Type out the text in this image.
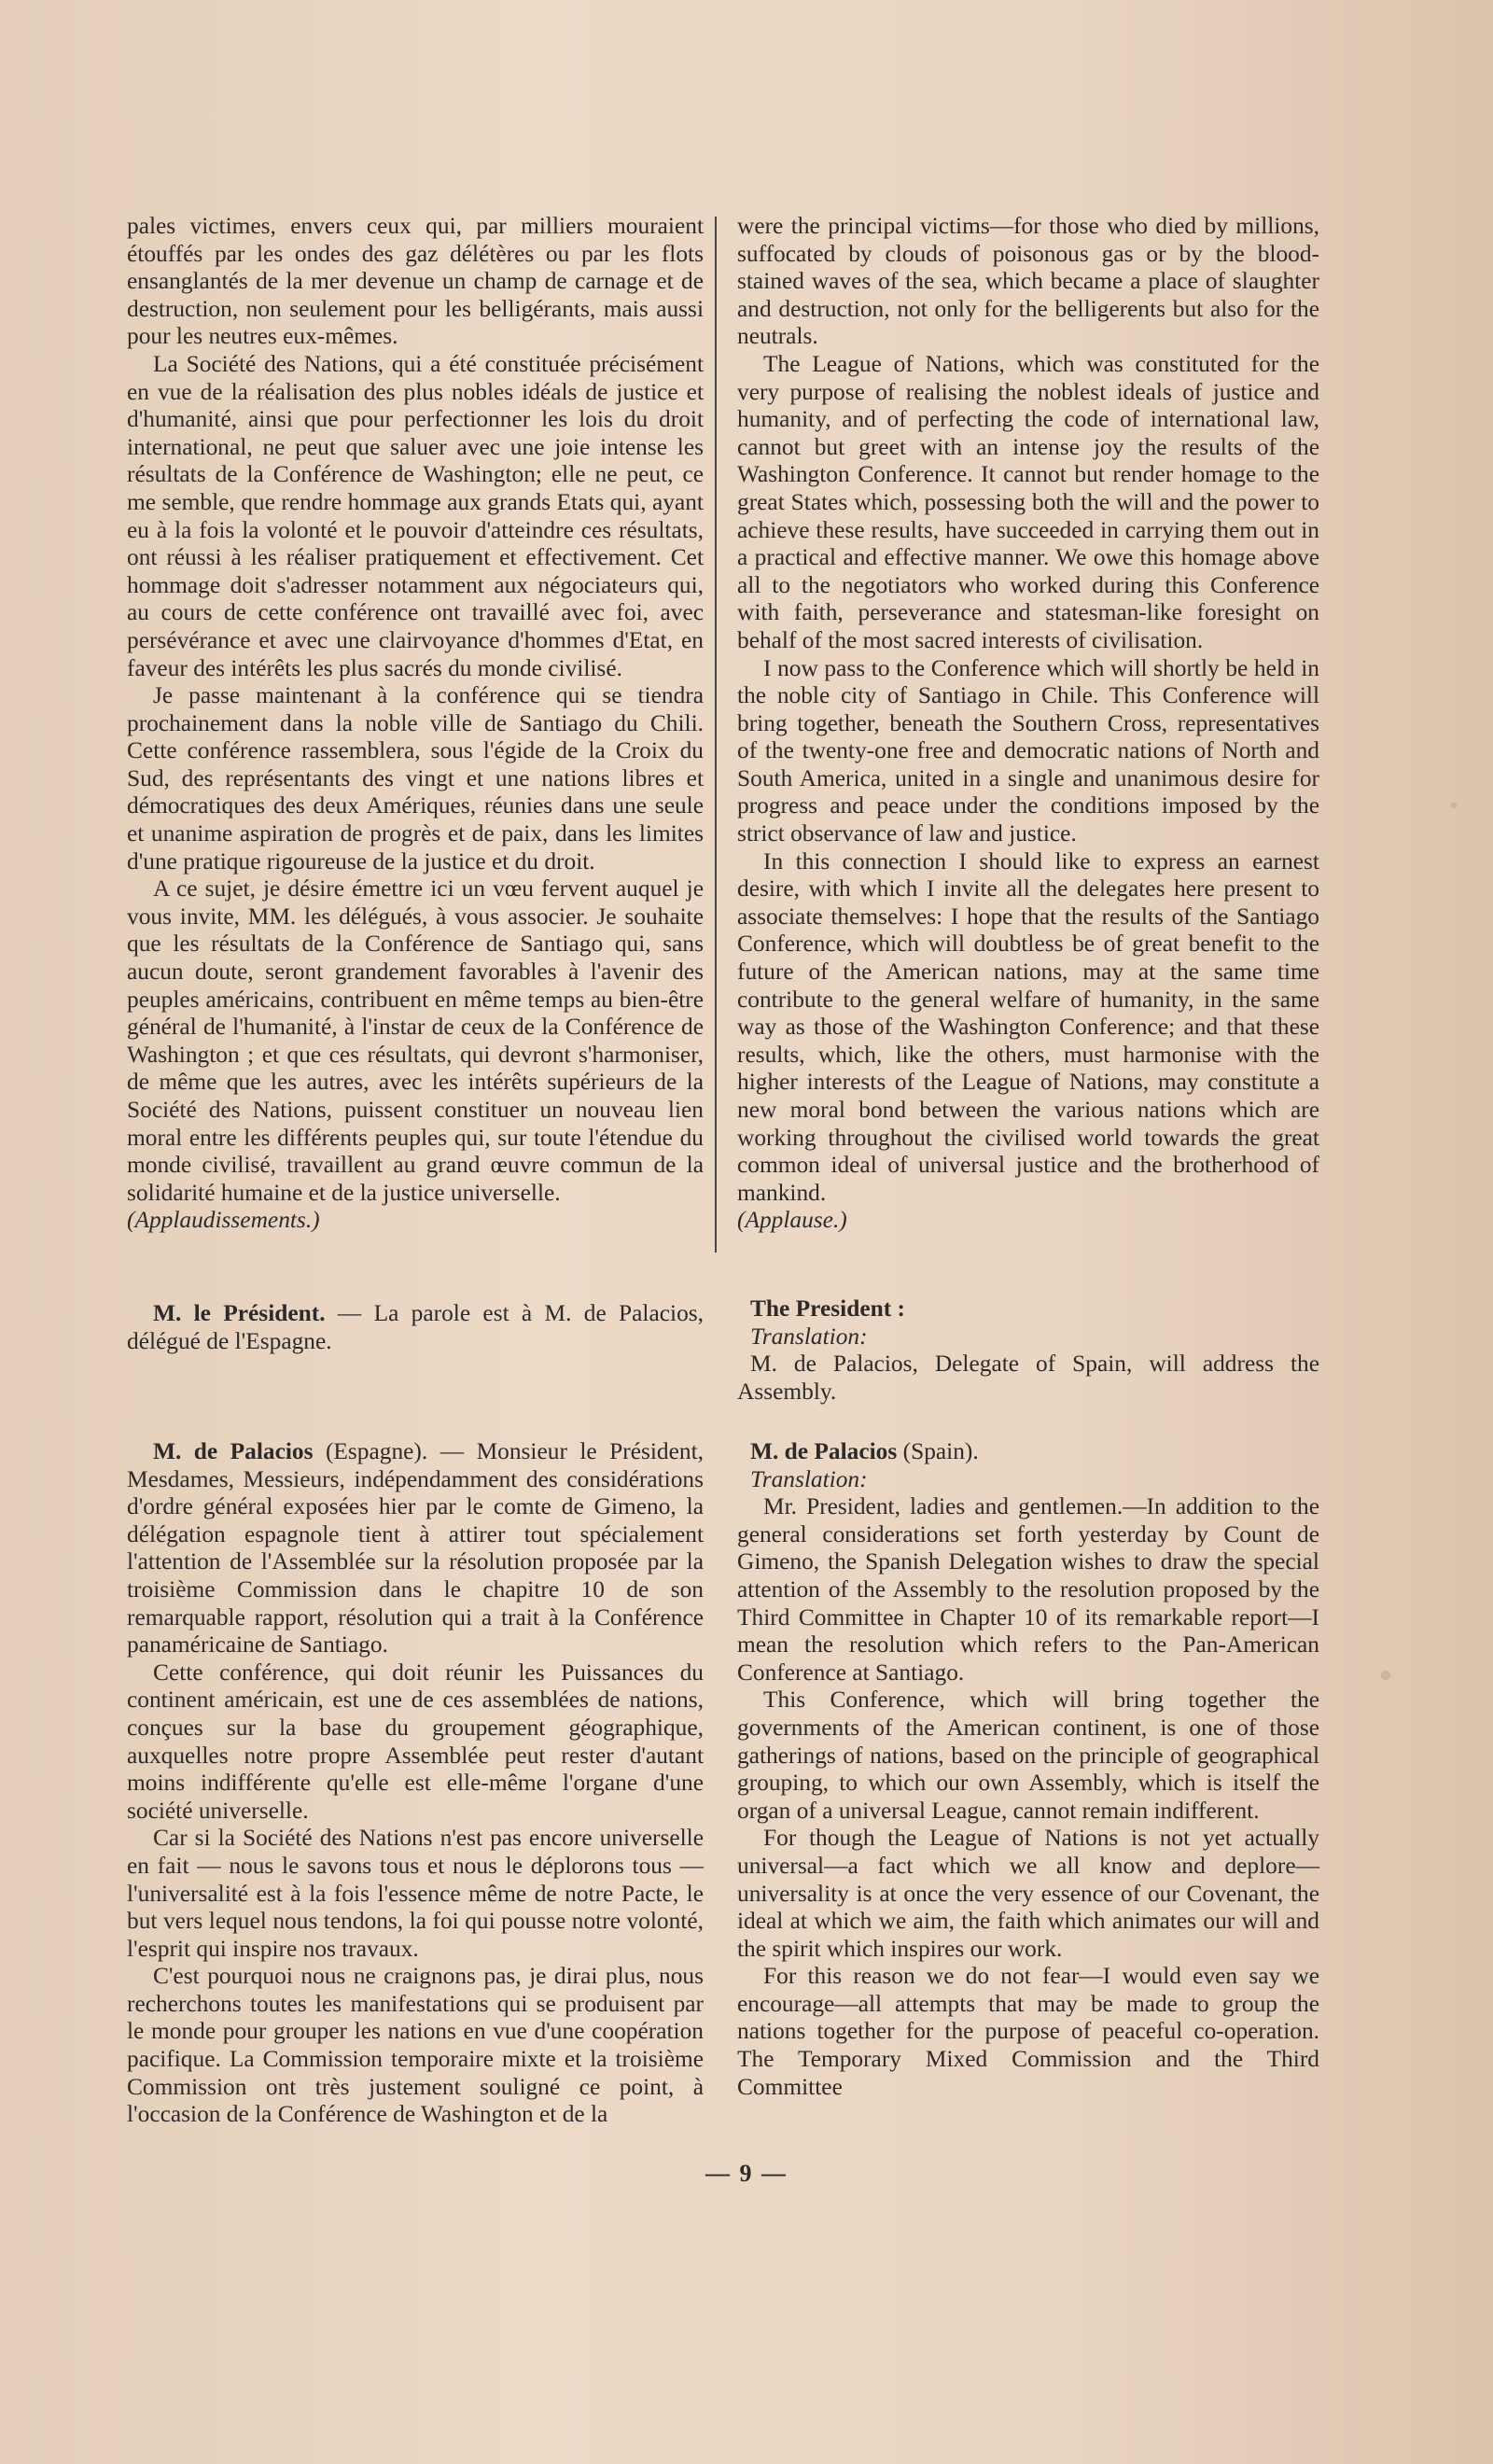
pales victimes, envers ceux qui, par milliers mouraient étouffés par les ondes des gaz délétères ou par les flots ensanglantés de la mer devenue un champ de carnage et de destruction, non seulement pour les belligérants, mais aussi pour les neutres eux-mêmes.

La Société des Nations, qui a été constituée précisément en vue de la réalisation des plus nobles idéals de justice et d'humanité, ainsi que pour perfectionner les lois du droit international, ne peut que saluer avec une joie intense les résultats de la Conférence de Washington; elle ne peut, ce me semble, que rendre hommage aux grands Etats qui, ayant eu à la fois la volonté et le pouvoir d'atteindre ces résultats, ont réussi à les réaliser pratiquement et effectivement. Cet hommage doit s'adresser notamment aux négociateurs qui, au cours de cette conférence ont travaillé avec foi, avec persévérance et avec une clairvoyance d'hommes d'Etat, en faveur des intérêts les plus sacrés du monde civilisé.

Je passe maintenant à la conférence qui se tiendra prochainement dans la noble ville de Santiago du Chili. Cette conférence rassemblera, sous l'égide de la Croix du Sud, des représentants des vingt et une nations libres et démocratiques des deux Amériques, réunies dans une seule et unanime aspiration de progrès et de paix, dans les limites d'une pratique rigoureuse de la justice et du droit.

A ce sujet, je désire émettre ici un vœu fervent auquel je vous invite, MM. les délégués, à vous associer. Je souhaite que les résultats de la Conférence de Santiago qui, sans aucun doute, seront grandement favorables à l'avenir des peuples américains, contribuent en même temps au bien-être général de l'humanité, à l'instar de ceux de la Conférence de Washington ; et que ces résultats, qui devront s'harmoniser, de même que les autres, avec les intérêts supérieurs de la Société des Nations, puissent constituer un nouveau lien moral entre les différents peuples qui, sur toute l'étendue du monde civilisé, travaillent au grand œuvre commun de la solidarité humaine et de la justice universelle.

(Applaudissements.)

M. le Président. — La parole est à M. de Palacios, délégué de l'Espagne.

M. de Palacios (Espagne). — Monsieur le Président, Mesdames, Messieurs, indépendamment des considérations d'ordre général exposées hier par le comte de Gimeno, la délégation espagnole tient à attirer tout spécialement l'attention de l'Assemblée sur la résolution proposée par la troisième Commission dans le chapitre 10 de son remarquable rapport, résolution qui a trait à la Conférence panaméricaine de Santiago.

Cette conférence, qui doit réunir les Puissances du continent américain, est une de ces assemblées de nations, conçues sur la base du groupement géographique, auxquelles notre propre Assemblée peut rester d'autant moins indifférente qu'elle est elle-même l'organe d'une société universelle.

Car si la Société des Nations n'est pas encore universelle en fait — nous le savons tous et nous le déplorons tous — l'universalité est à la fois l'essence même de notre Pacte, le but vers lequel nous tendons, la foi qui pousse notre volonté, l'esprit qui inspire nos travaux.

C'est pourquoi nous ne craignons pas, je dirai plus, nous recherchons toutes les manifestations qui se produisent par le monde pour grouper les nations en vue d'une coopération pacifique. La Commission temporaire mixte et la troisième Commission ont très justement souligné ce point, à l'occasion de la Conférence de Washington et de la

were the principal victims—for those who died by millions, suffocated by clouds of poisonous gas or by the blood-stained waves of the sea, which became a place of slaughter and destruction, not only for the belligerents but also for the neutrals.

The League of Nations, which was constituted for the very purpose of realising the noblest ideals of justice and humanity, and of perfecting the code of international law, cannot but greet with an intense joy the results of the Washington Conference. It cannot but render homage to the great States which, possessing both the will and the power to achieve these results, have succeeded in carrying them out in a practical and effective manner. We owe this homage above all to the negotiators who worked during this Conference with faith, perseverance and statesman-like foresight on behalf of the most sacred interests of civilisation.

I now pass to the Conference which will shortly be held in the noble city of Santiago in Chile. This Conference will bring together, beneath the Southern Cross, representatives of the twenty-one free and democratic nations of North and South America, united in a single and unanimous desire for progress and peace under the conditions imposed by the strict observance of law and justice.

In this connection I should like to express an earnest desire, with which I invite all the delegates here present to associate themselves: I hope that the results of the Santiago Conference, which will doubtless be of great benefit to the future of the American nations, may at the same time contribute to the general welfare of humanity, in the same way as those of the Washington Conference; and that these results, which, like the others, must harmonise with the higher interests of the League of Nations, may constitute a new moral bond between the various nations which are working throughout the civilised world towards the great common ideal of universal justice and the brotherhood of mankind.

(Applause.)

The President :

Translation:

M. de Palacios, Delegate of Spain, will address the Assembly.

M. de Palacios (Spain).

Translation:

Mr. President, ladies and gentlemen.—In addition to the general considerations set forth yesterday by Count de Gimeno, the Spanish Delegation wishes to draw the special attention of the Assembly to the resolution proposed by the Third Committee in Chapter 10 of its remarkable report—I mean the resolution which refers to the Pan-American Conference at Santiago.

This Conference, which will bring together the governments of the American continent, is one of those gatherings of nations, based on the principle of geographical grouping, to which our own Assembly, which is itself the organ of a universal League, cannot remain indifferent.

For though the League of Nations is not yet actually universal—a fact which we all know and deplore—universality is at once the very essence of our Covenant, the ideal at which we aim, the faith which animates our will and the spirit which inspires our work.

For this reason we do not fear—I would even say we encourage—all attempts that may be made to group the nations together for the purpose of peaceful co-operation. The Temporary Mixed Commission and the Third Committee

— 9 —
